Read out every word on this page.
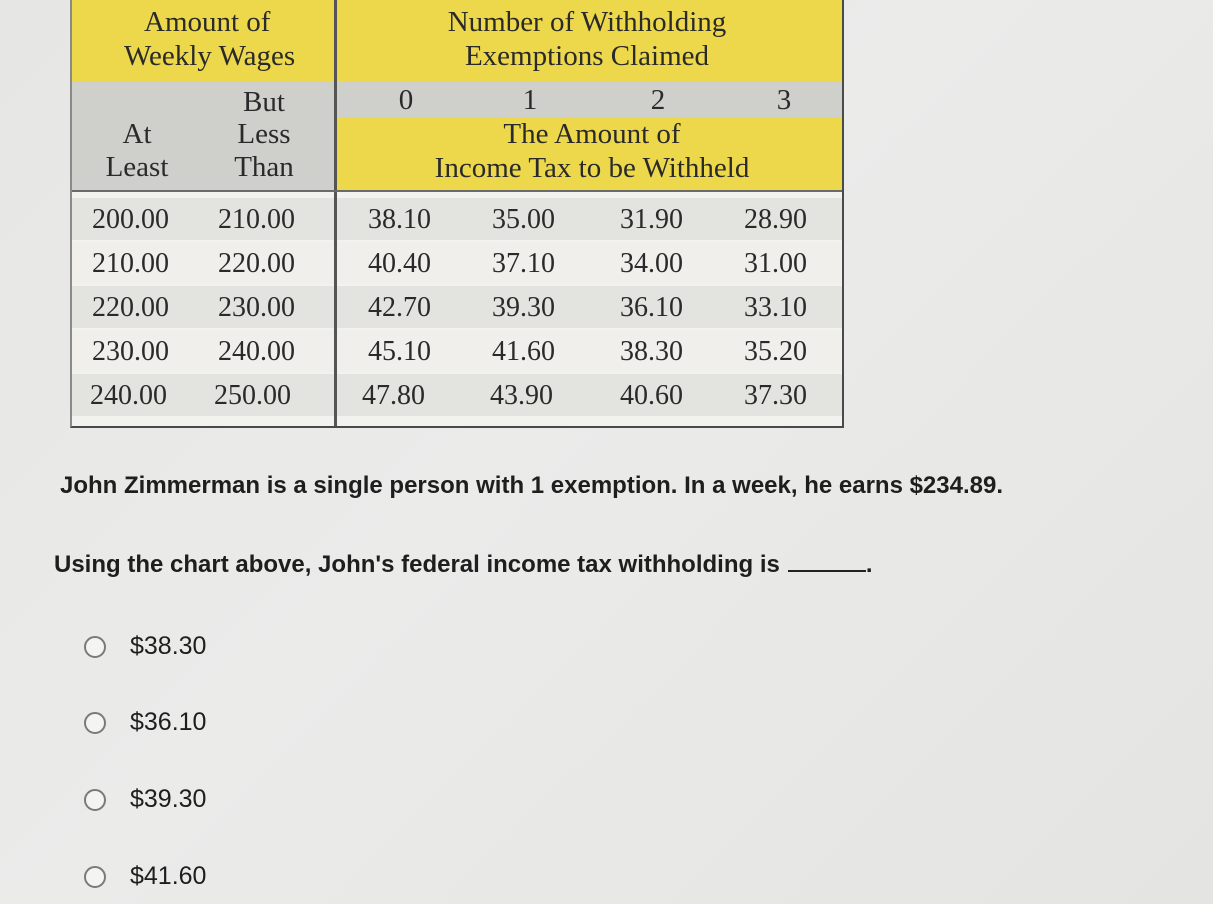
Amount of
Weekly Wages
Number of Withholding
Exemptions Claimed
But
Less
Than
At
Least
0	1	2	3
The Amount of
Income Tax to be Withheld
200.00 210.00	38.10 35.00 31.90 28.90
210.00 220.00	40.40 37.10 34.00 31.00
220.00 230.00	42.70 39.30 36.10 33.10
230.00 240.00	45.10 41.60 38.30 35.20
240.00 250.00	47.80 43.90 40.60 37.30
John Zimmerman is a single person with 1 exemption. In a week, he earns $234.89.
Using the chart above, John's federal income tax withholding is	.
$38.30
$36.10
$39.30
$41.60
